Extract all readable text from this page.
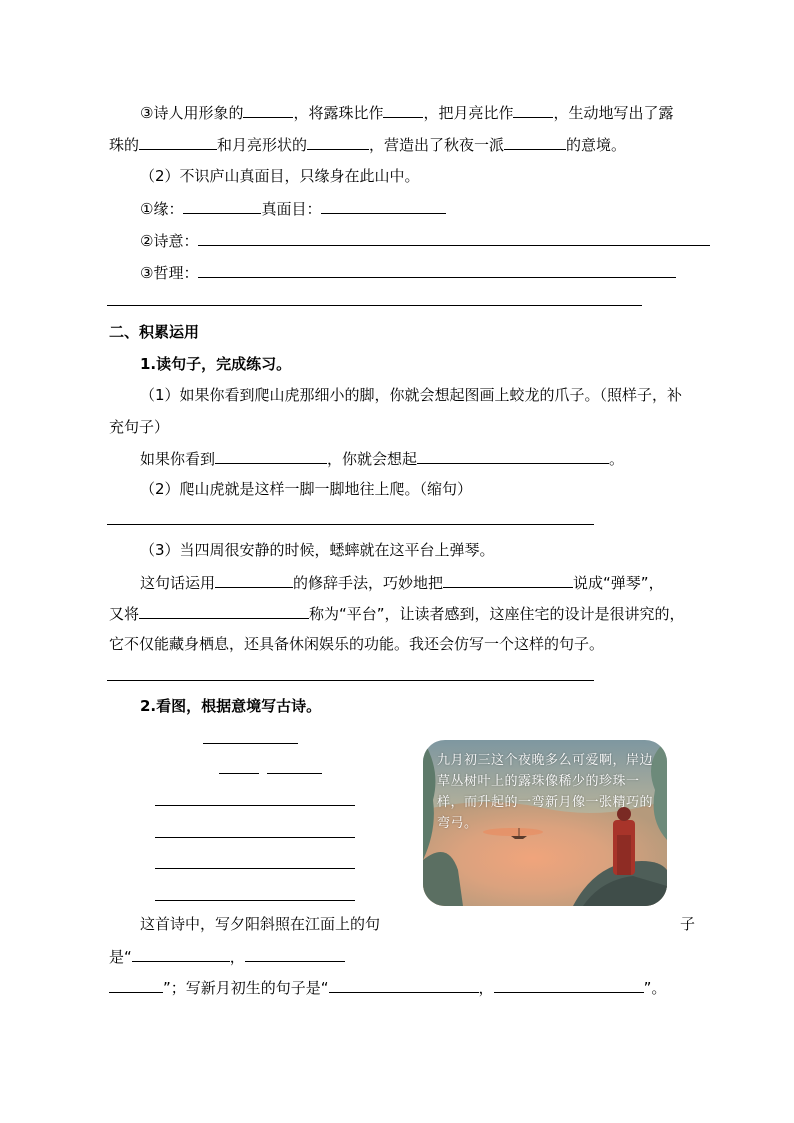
③诗人用形象的	，将露珠比作	，把月亮比作	，生动地写出了露
珠的	和月亮形状的	，营造出了秋夜一派	的意境。
（2）不识庐山真面目，只缘身在此山中。
①缘：	真面目：
②诗意：
③哲理：
二、积累运用
1.读句子，完成练习。
（1）如果你看到爬山虎那细小的脚，你就会想起图画上蛟龙的爪子。（照样子，补
充句子）
如果你看到	，你就会想起	。
（2）爬山虎就是这样一脚一脚地往上爬。（缩句）
（3）当四周很安静的时候，蟋蟀就在这平台上弹琴。
这句话运用	的修辞手法，巧妙地把	说成“弹琴”，
又将	称为“平台”，让读者感到，这座住宅的设计是很讲究的，
它不仅能藏身栖息，还具备休闲娱乐的功能。我还会仿写一个这样的句子。
2.看图，根据意境写古诗。
九月初三这个夜晚多么可爱啊，岸边草丛树叶上的露珠像稀少的珍珠一样，而升起的一弯新月像一张精巧的弯弓。
这首诗中，写夕阳斜照在江面上的句	子
是“	，
”；写新月初生的句子是“	，	”。
